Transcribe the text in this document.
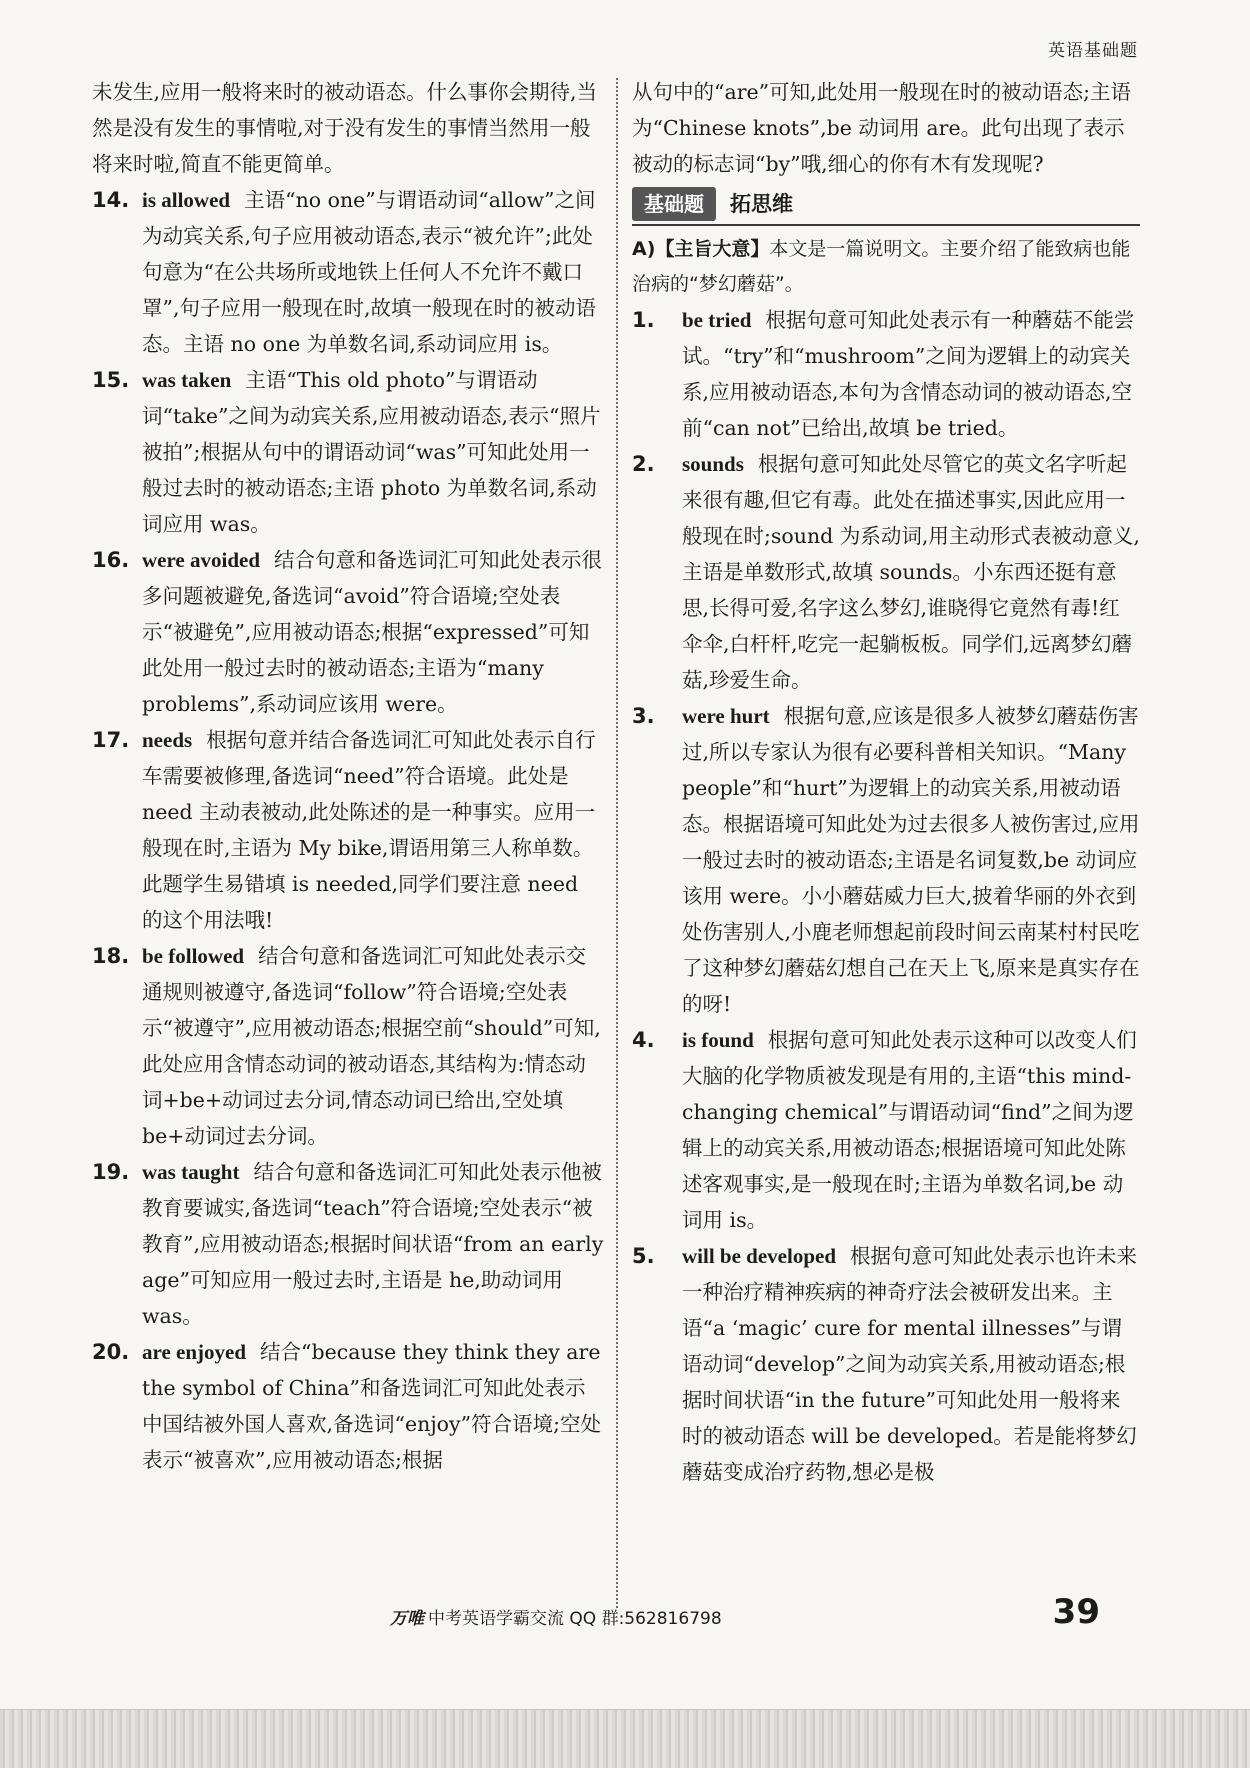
英语基础题

未发生,应用一般将来时的被动语态。什么事你会期待,当然是没有发生的事情啦,对于没有发生的事情当然用一般将来时啦,简直不能更简单。

14. is allowed 主语“no one”与谓语动词“allow”之间为动宾关系,句子应用被动语态,表示“被允许”;此处句意为“在公共场所或地铁上任何人不允许不戴口罩”,句子应用一般现在时,故填一般现在时的被动语态。主语 no one 为单数名词,系动词应用 is。

15. was taken 主语“This old photo”与谓语动词“take”之间为动宾关系,应用被动语态,表示“照片被拍”;根据从句中的谓语动词“was”可知此处用一般过去时的被动语态;主语 photo 为单数名词,系动词应用 was。

16. were avoided 结合句意和备选词汇可知此处表示很多问题被避免,备选词“avoid”符合语境;空处表示“被避免”,应用被动语态;根据“expressed”可知此处用一般过去时的被动语态;主语为“many problems”,系动词应该用 were。

17. needs 根据句意并结合备选词汇可知此处表示自行车需要被修理,备选词“need”符合语境。此处是 need 主动表被动,此处陈述的是一种事实。应用一般现在时,主语为 My bike,谓语用第三人称单数。此题学生易错填 is needed,同学们要注意 need 的这个用法哦!

18. be followed 结合句意和备选词汇可知此处表示交通规则被遵守,备选词“follow”符合语境;空处表示“被遵守”,应用被动语态;根据空前“should”可知,此处应用含情态动词的被动语态,其结构为:情态动词+be+动词过去分词,情态动词已给出,空处填 be+动词过去分词。

19. was taught 结合句意和备选词汇可知此处表示他被教育要诚实,备选词“teach”符合语境;空处表示“被教育”,应用被动语态;根据时间状语“from an early age”可知应用一般过去时,主语是 he,助动词用 was。

20. are enjoyed 结合“because they think they are the symbol of China”和备选词汇可知此处表示中国结被外国人喜欢,备选词“enjoy”符合语境;空处表示“被喜欢”,应用被动语态;根据

从句中的“are”可知,此处用一般现在时的被动语态;主语为“Chinese knots”,be 动词用 are。此句出现了表示被动的标志词“by”哦,细心的你有木有发现呢?

基础题	拓思维

A)【主旨大意】本文是一篇说明文。主要介绍了能致病也能治病的“梦幻蘑菇”。

1. be tried 根据句意可知此处表示有一种蘑菇不能尝试。“try”和“mushroom”之间为逻辑上的动宾关系,应用被动语态,本句为含情态动词的被动语态,空前“can not”已给出,故填 be tried。

2. sounds 根据句意可知此处尽管它的英文名字听起来很有趣,但它有毒。此处在描述事实,因此应用一般现在时;sound 为系动词,用主动形式表被动意义,主语是单数形式,故填 sounds。小东西还挺有意思,长得可爱,名字这么梦幻,谁晓得它竟然有毒!红伞伞,白杆杆,吃完一起躺板板。同学们,远离梦幻蘑菇,珍爱生命。

3. were hurt 根据句意,应该是很多人被梦幻蘑菇伤害过,所以专家认为很有必要科普相关知识。“Many people”和“hurt”为逻辑上的动宾关系,用被动语态。根据语境可知此处为过去很多人被伤害过,应用一般过去时的被动语态;主语是名词复数,be 动词应该用 were。小小蘑菇威力巨大,披着华丽的外衣到处伤害别人,小鹿老师想起前段时间云南某村村民吃了这种梦幻蘑菇幻想自己在天上飞,原来是真实存在的呀!

4. is found 根据句意可知此处表示这种可以改变人们大脑的化学物质被发现是有用的,主语“this mind-changing chemical”与谓语动词“find”之间为逻辑上的动宾关系,用被动语态;根据语境可知此处陈述客观事实,是一般现在时;主语为单数名词,be 动词用 is。

5. will be developed 根据句意可知此处表示也许未来一种治疗精神疾病的神奇疗法会被研发出来。主语“a ‘magic’ cure for mental illnesses”与谓语动词“develop”之间为动宾关系,用被动语态;根据时间状语“in the future”可知此处用一般将来时的被动语态 will be developed。若是能将梦幻蘑菇变成治疗药物,想必是极

万唯 中考英语学霸交流 QQ 群:562816798	39
